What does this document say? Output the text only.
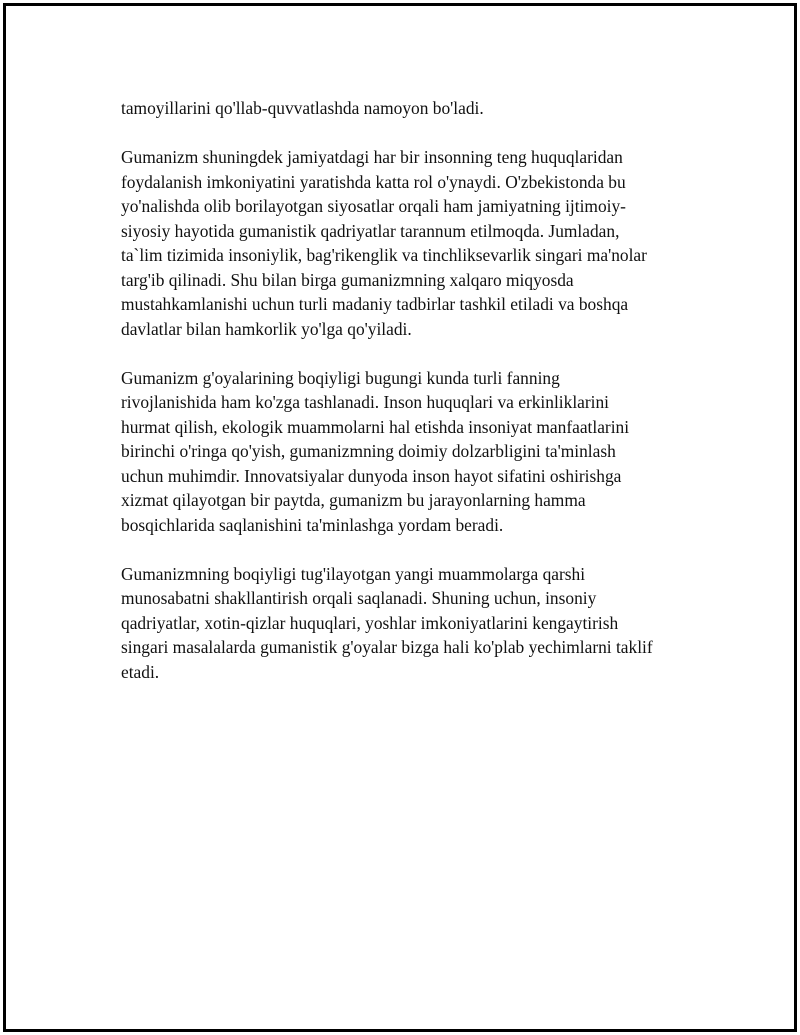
tamoyillarini qo'llab-quvvatlashda namoyon bo'ladi.

Gumanizm shuningdek jamiyatdagi har bir insonning teng huquqlaridan
foydalanish imkoniyatini yaratishda katta rol o'ynaydi. O'zbekistonda bu
yo'nalishda olib borilayotgan siyosatlar orqali ham jamiyatning ijtimoiy-
siyosiy hayotida gumanistik qadriyatlar tarannum etilmoqda. Jumladan,
ta`lim tizimida insoniylik, bag'rikenglik va tinchliksevarlik singari ma'nolar
targ'ib qilinadi. Shu bilan birga gumanizmning xalqaro miqyosda
mustahkamlanishi uchun turli madaniy tadbirlar tashkil etiladi va boshqa
davlatlar bilan hamkorlik yo'lga qo'yiladi.

Gumanizm g'oyalarining boqiyligi bugungi kunda turli fanning
rivojlanishida ham ko'zga tashlanadi. Inson huquqlari va erkinliklarini
hurmat qilish, ekologik muammolarni hal etishda insoniyat manfaatlarini
birinchi o'ringa qo'yish, gumanizmning doimiy dolzarbligini ta'minlash
uchun muhimdir. Innovatsiyalar dunyoda inson hayot sifatini oshirishga
xizmat qilayotgan bir paytda, gumanizm bu jarayonlarning hamma
bosqichlarida saqlanishini ta'minlashga yordam beradi.

Gumanizmning boqiyligi tug'ilayotgan yangi muammolarga qarshi
munosabatni shakllantirish orqali saqlanadi. Shuning uchun, insoniy
qadriyatlar, xotin-qizlar huquqlari, yoshlar imkoniyatlarini kengaytirish
singari masalalarda gumanistik g'oyalar bizga hali ko'plab yechimlarni taklif
etadi.
